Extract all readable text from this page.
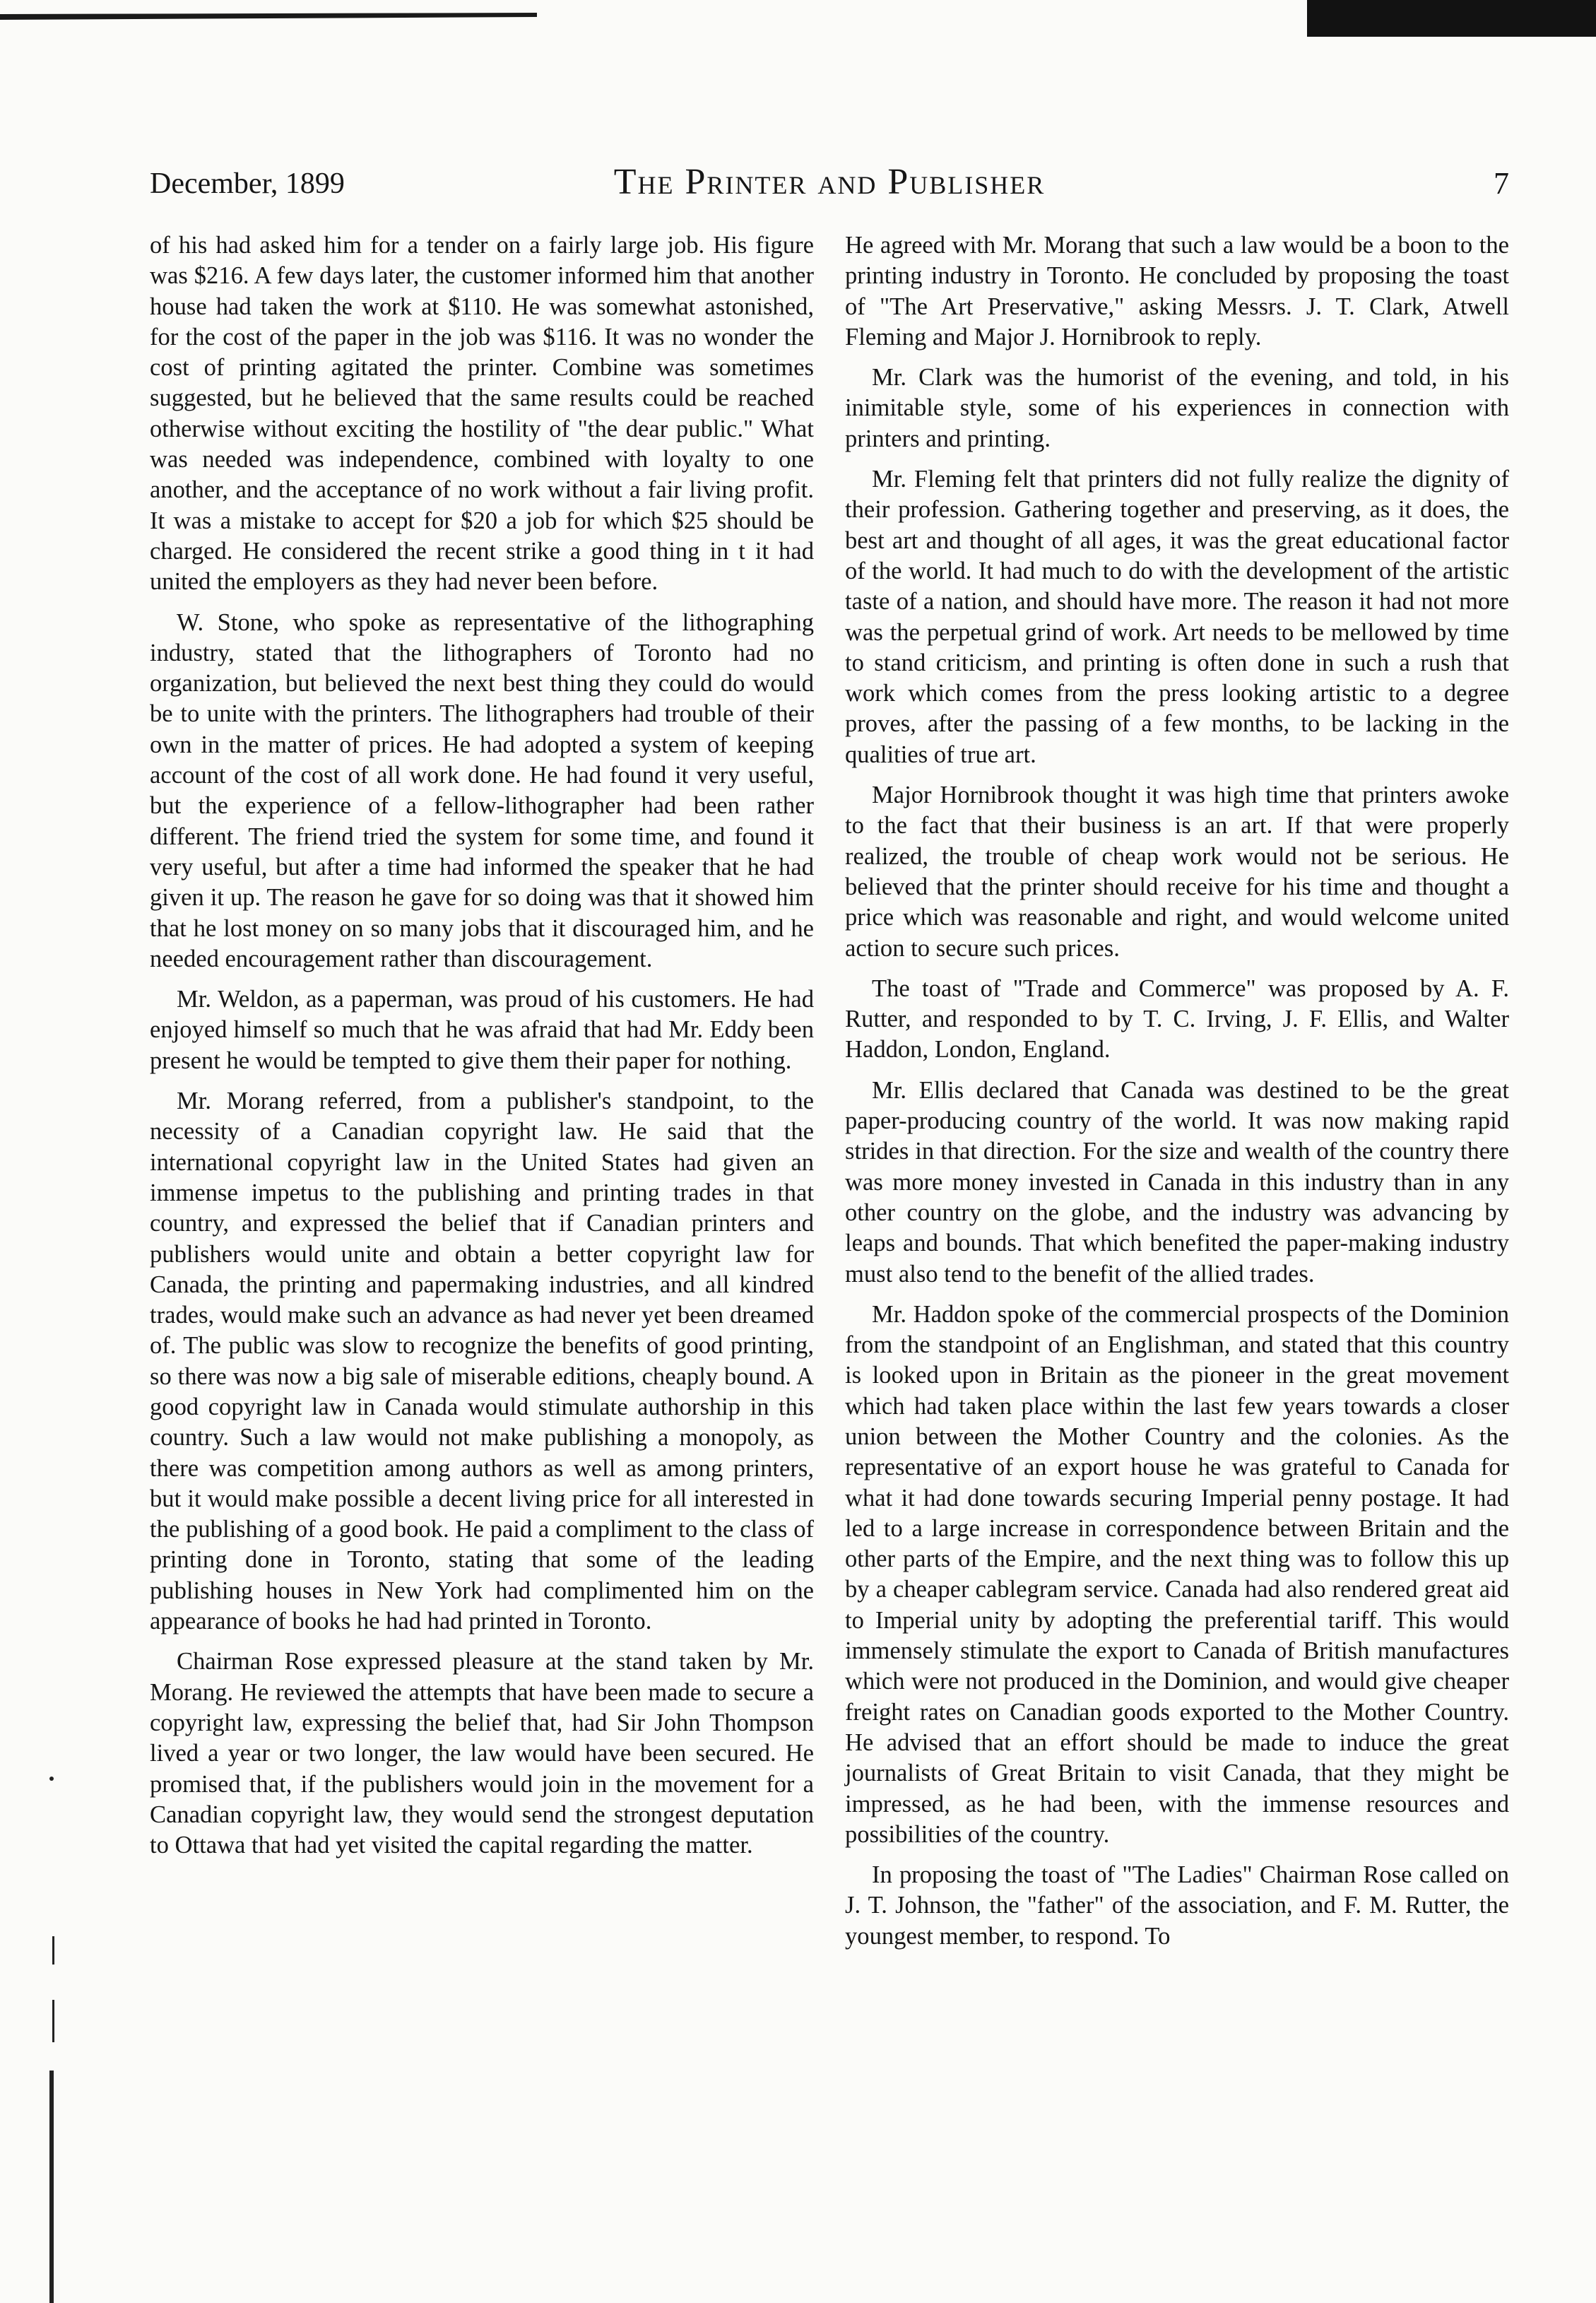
December, 1899	The Printer and Publisher	7

of his had asked him for a tender on a fairly large job. His figure was $216. A few days later, the customer informed him that another house had taken the work at $110. He was somewhat astonished, for the cost of the paper in the job was $116. It was no wonder the cost of printing agitated the printer. Combine was sometimes suggested, but he believed that the same results could be reached otherwise without exciting the hostility of "the dear public." What was needed was independence, combined with loyalty to one another, and the acceptance of no work without a fair living profit. It was a mistake to accept for $20 a job for which $25 should be charged. He considered the recent strike a good thing in t it had united the employers as they had never been before.

W. Stone, who spoke as representative of the lithographing industry, stated that the lithographers of Toronto had no organization, but believed the next best thing they could do would be to unite with the printers. The lithographers had trouble of their own in the matter of prices. He had adopted a system of keeping account of the cost of all work done. He had found it very useful, but the experience of a fellow-lithographer had been rather different. The friend tried the system for some time, and found it very useful, but after a time had informed the speaker that he had given it up. The reason he gave for so doing was that it showed him that he lost money on so many jobs that it discouraged him, and he needed encouragement rather than discouragement.

Mr. Weldon, as a paperman, was proud of his customers. He had enjoyed himself so much that he was afraid that had Mr. Eddy been present he would be tempted to give them their paper for nothing.

Mr. Morang referred, from a publisher's standpoint, to the necessity of a Canadian copyright law. He said that the international copyright law in the United States had given an immense impetus to the publishing and printing trades in that country, and expressed the belief that if Canadian printers and publishers would unite and obtain a better copyright law for Canada, the printing and papermaking industries, and all kindred trades, would make such an advance as had never yet been dreamed of. The public was slow to recognize the benefits of good printing, so there was now a big sale of miserable editions, cheaply bound. A good copyright law in Canada would stimulate authorship in this country. Such a law would not make publishing a monopoly, as there was competition among authors as well as among printers, but it would make possible a decent living price for all interested in the publishing of a good book. He paid a compliment to the class of printing done in Toronto, stating that some of the leading publishing houses in New York had complimented him on the appearance of books he had had printed in Toronto.

Chairman Rose expressed pleasure at the stand taken by Mr. Morang. He reviewed the attempts that have been made to secure a copyright law, expressing the belief that, had Sir John Thompson lived a year or two longer, the law would have been secured. He promised that, if the publishers would join in the movement for a Canadian copyright law, they would send the strongest deputation to Ottawa that had yet visited the capital regarding the matter.

He agreed with Mr. Morang that such a law would be a boon to the printing industry in Toronto. He concluded by proposing the toast of "The Art Preservative," asking Messrs. J. T. Clark, Atwell Fleming and Major J. Hornibrook to reply.

Mr. Clark was the humorist of the evening, and told, in his inimitable style, some of his experiences in connection with printers and printing.

Mr. Fleming felt that printers did not fully realize the dignity of their profession. Gathering together and preserving, as it does, the best art and thought of all ages, it was the great educational factor of the world. It had much to do with the development of the artistic taste of a nation, and should have more. The reason it had not more was the perpetual grind of work. Art needs to be mellowed by time to stand criticism, and printing is often done in such a rush that work which comes from the press looking artistic to a degree proves, after the passing of a few months, to be lacking in the qualities of true art.

Major Hornibrook thought it was high time that printers awoke to the fact that their business is an art. If that were properly realized, the trouble of cheap work would not be serious. He believed that the printer should receive for his time and thought a price which was reasonable and right, and would welcome united action to secure such prices.

The toast of "Trade and Commerce" was proposed by A. F. Rutter, and responded to by T. C. Irving, J. F. Ellis, and Walter Haddon, London, England.

Mr. Ellis declared that Canada was destined to be the great paper-producing country of the world. It was now making rapid strides in that direction. For the size and wealth of the country there was more money invested in Canada in this industry than in any other country on the globe, and the industry was advancing by leaps and bounds. That which benefited the paper-making industry must also tend to the benefit of the allied trades.

Mr. Haddon spoke of the commercial prospects of the Dominion from the standpoint of an Englishman, and stated that this country is looked upon in Britain as the pioneer in the great movement which had taken place within the last few years towards a closer union between the Mother Country and the colonies. As the representative of an export house he was grateful to Canada for what it had done towards securing Imperial penny postage. It had led to a large increase in correspondence between Britain and the other parts of the Empire, and the next thing was to follow this up by a cheaper cablegram service. Canada had also rendered great aid to Imperial unity by adopting the preferential tariff. This would immensely stimulate the export to Canada of British manufactures which were not produced in the Dominion, and would give cheaper freight rates on Canadian goods exported to the Mother Country. He advised that an effort should be made to induce the great journalists of Great Britain to visit Canada, that they might be impressed, as he had been, with the immense resources and possibilities of the country.

In proposing the toast of "The Ladies" Chairman Rose called on J. T. Johnson, the "father" of the association, and F. M. Rutter, the youngest member, to respond. To
